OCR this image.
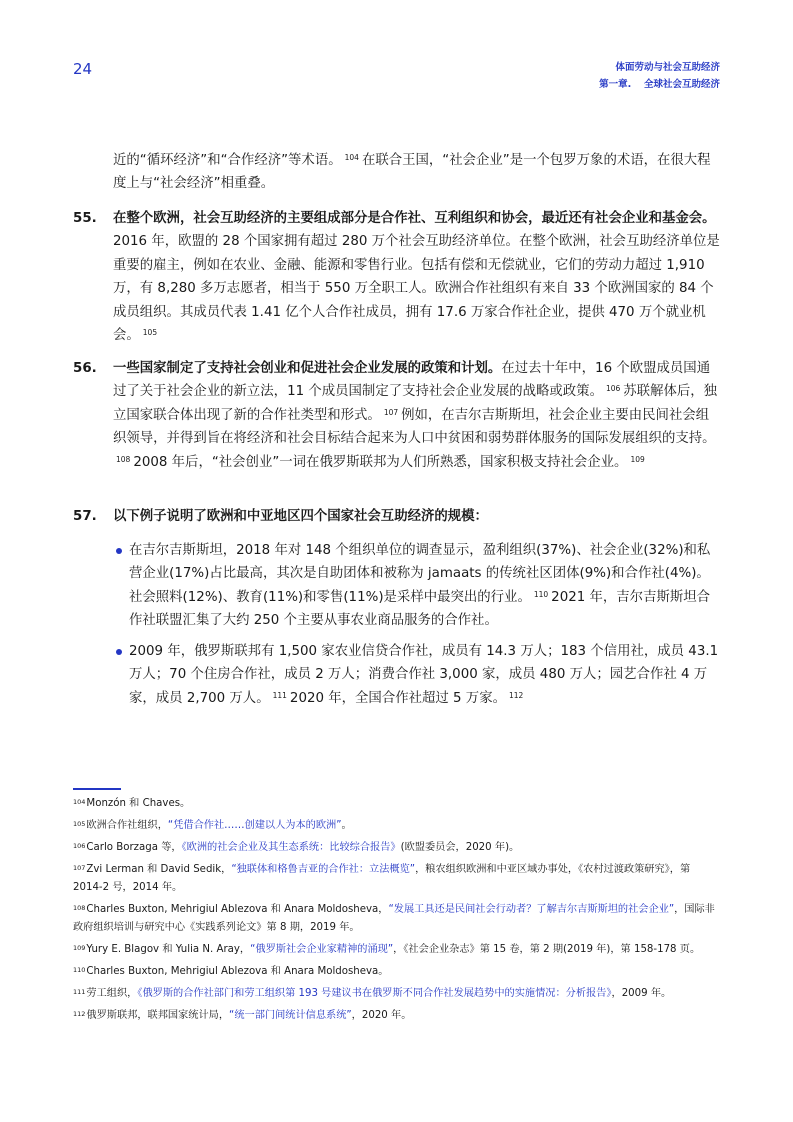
24	体面劳动与社会互助经济
第一章.　 全球社会互助经济
近的“循环经济”和“合作经济”等术语。 $^{104}$ 在联合王国，“社会企业”是一个包罗万象的术语，在很大程度上与“社会经济”相重叠。
55. 在整个欧洲，社会互助经济的主要组成部分是合作社、互利组织和协会，最近还有社会企业和基金会。2016 年，欧盟的 28 个国家拥有超过 280 万个社会互助经济单位。在整个欧洲，社会互助经济单位是重要的雇主，例如在农业、金融、能源和零售行业。包括有偿和无偿就业，它们的劳动力超过 1,910 万，有 8,280 多万志愿者，相当于 550 万全职工人。欧洲合作社组织有来自 33 个欧洲国家的 84 个成员组织。其成员代表 1.41 亿个人合作社成员，拥有 17.6 万家合作社企业，提供 470 万个就业机会。 $^{105}$
56. 一些国家制定了支持社会创业和促进社会企业发展的政策和计划。在过去十年中，16 个欧盟成员国通过了关于社会企业的新立法，11 个成员国制定了支持社会企业发展的战略或政策。 $^{106}$ 苏联解体后，独立国家联合体出现了新的合作社类型和形式。 $^{107}$ 例如，在吉尔吉斯斯坦，社会企业主要由民间社会组织领导，并得到旨在将经济和社会目标结合起来为人口中贫困和弱势群体服务的国际发展组织的支持。$^{108}$ 2008 年后，“社会创业”一词在俄罗斯联邦为人们所熟悉，国家积极支持社会企业。 $^{109}$
57. 以下例子说明了欧洲和中亚地区四个国家社会互助经济的规模：
在吉尔吉斯斯坦，2018 年对 148 个组织单位的调查显示，盈利组织(37%)、社会企业(32%)和私营企业(17%)占比最高，其次是自助团体和被称为 jamaats 的传统社区团体(9%)和合作社(4%)。社会照料(12%)、教育(11%)和零售(11%)是采样中最突出的行业。 $^{110}$ 2021 年，吉尔吉斯斯坦合作社联盟汇集了大约 250 个主要从事农业商品服务的合作社。
2009 年，俄罗斯联邦有 1,500 家农业信贷合作社，成员有 14.3 万人；183 个信用社，成员 43.1 万人；70 个住房合作社，成员 2 万人；消费合作社 3,000 家，成员 480 万人；园艺合作社 4 万家，成员 2,700 万人。 $^{111}$ 2020 年，全国合作社超过 5 万家。 $^{112}$
$^{104}$Monzón 和 Chaves。
$^{105}$欧洲合作社组织，“凭借合作社……创建以人为本的欧洲”。
$^{106}$Carlo Borzaga 等，《欧洲的社会企业及其生态系统：比较综合报告》(欧盟委员会，2020 年)。
$^{107}$Zvi Lerman 和 David Sedik，“独联体和格鲁吉亚的合作社：立法概览”，粮农组织欧洲和中亚区域办事处，《农村过渡政策研究》，第 2014-2 号，2014 年。
$^{108}$Charles Buxton, Mehrigiul Ablezova 和 Anara Moldosheva，“发展工具还是民间社会行动者？了解吉尔吉斯斯坦的社会企业”，国际非政府组织培训与研究中心《实践系列论文》第 8 期，2019 年。
$^{109}$Yury E. Blagov 和 Yulia N. Aray，“俄罗斯社会企业家精神的涌现”，《社会企业杂志》第 15 卷，第 2 期(2019 年)，第 158-178 页。
$^{110}$Charles Buxton, Mehrigiul Ablezova 和 Anara Moldosheva。
$^{111}$劳工组织，《俄罗斯的合作社部门和劳工组织第 193 号建议书在俄罗斯不同合作社发展趋势中的实施情况：分析报告》，2009 年。
$^{112}$俄罗斯联邦，联邦国家统计局，“统一部门间统计信息系统”，2020 年。
